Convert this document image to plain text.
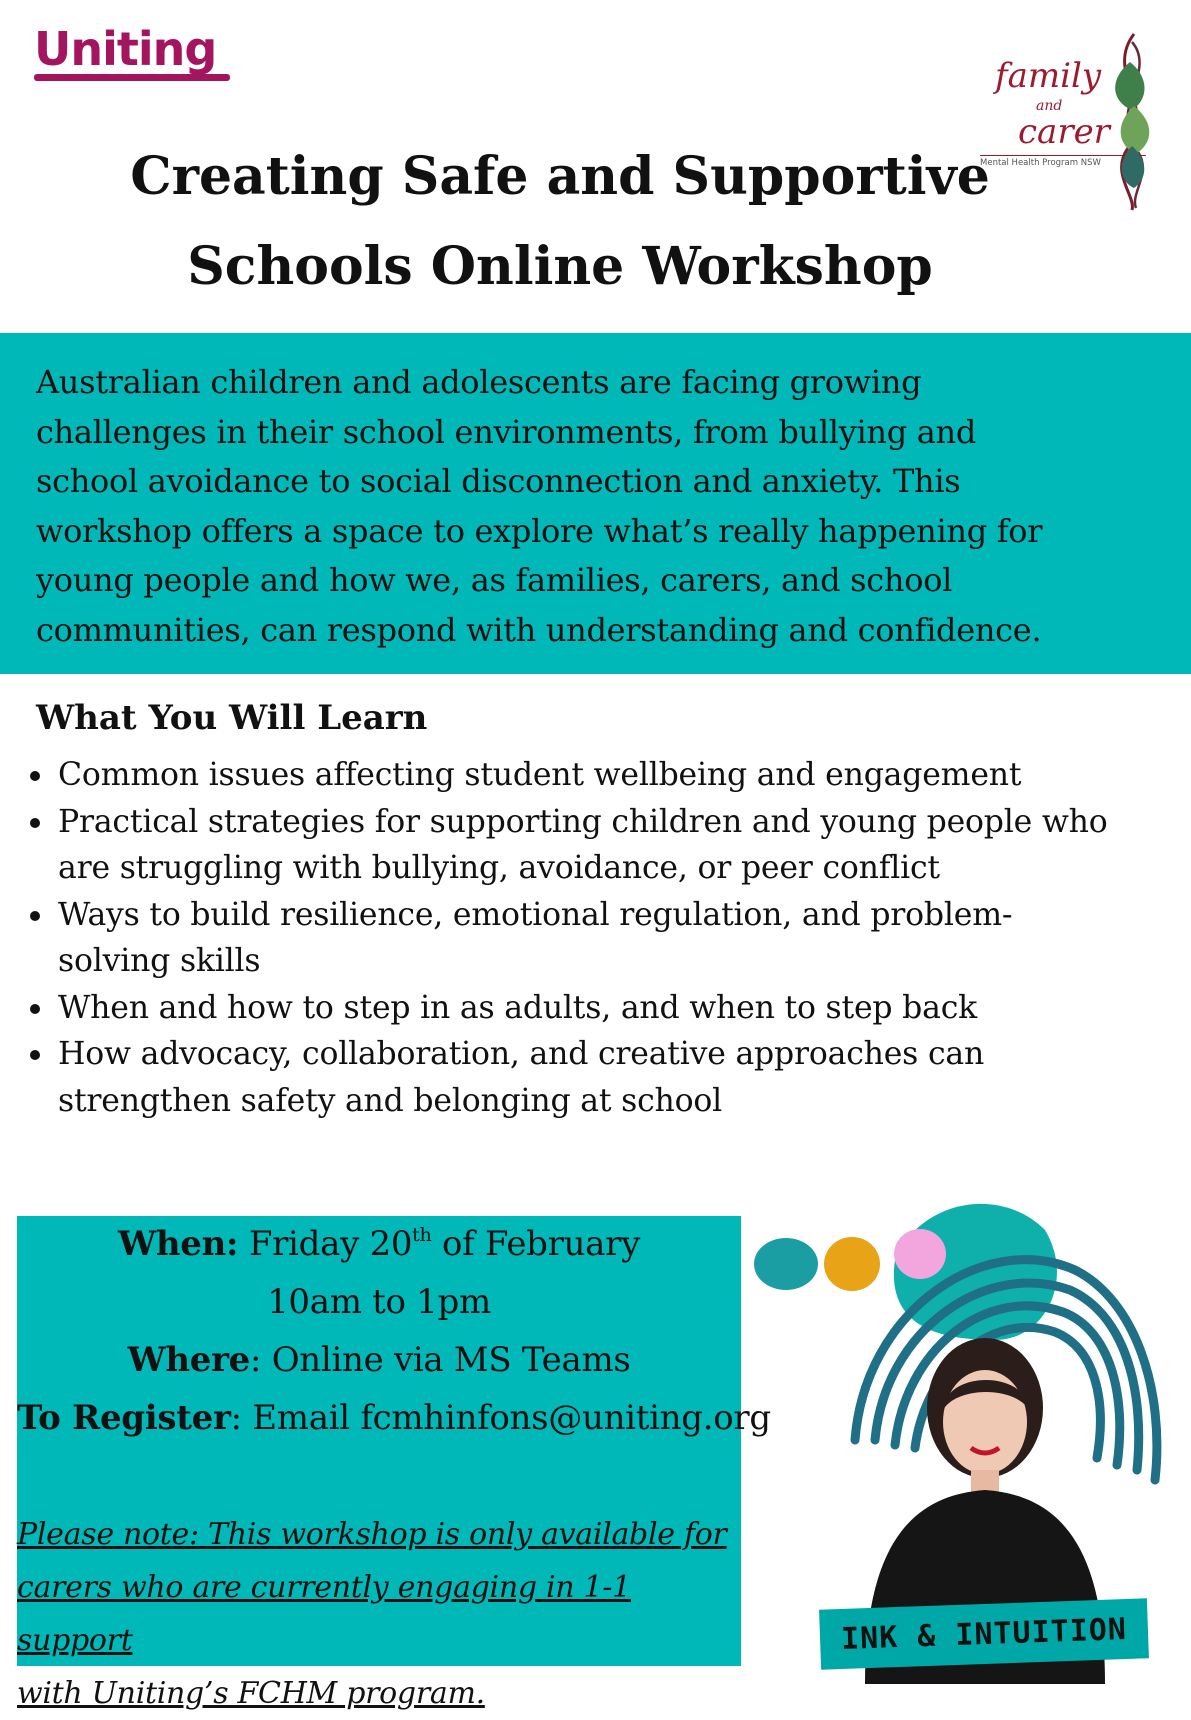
Uniting	family
and
carer
Mental Health Program NSW
Creating Safe and Supportive
Schools Online Workshop
Australian children and adolescents are facing growing
challenges in their school environments, from bullying and
school avoidance to social disconnection and anxiety. This
workshop offers a space to explore what’s really happening for
young people and how we, as families, carers, and school
communities, can respond with understanding and confidence.
What You Will Learn
Common issues affecting student wellbeing and engagement
Practical strategies for supporting children and young people who
are struggling with bullying, avoidance, or peer conflict
Ways to build resilience, emotional regulation, and problem-
solving skills
When and how to step in as adults, and when to step back
How advocacy, collaboration, and creative approaches can
strengthen safety and belonging at school
When: Friday 20th of February
10am to 1pm
Where: Online via MS Teams
To Register: Email fcmhinfons@uniting.org
Please note: This workshop is only available for
carers who are currently engaging in 1-1 support
with Uniting’s FCHM program.
INK & INTUITION
